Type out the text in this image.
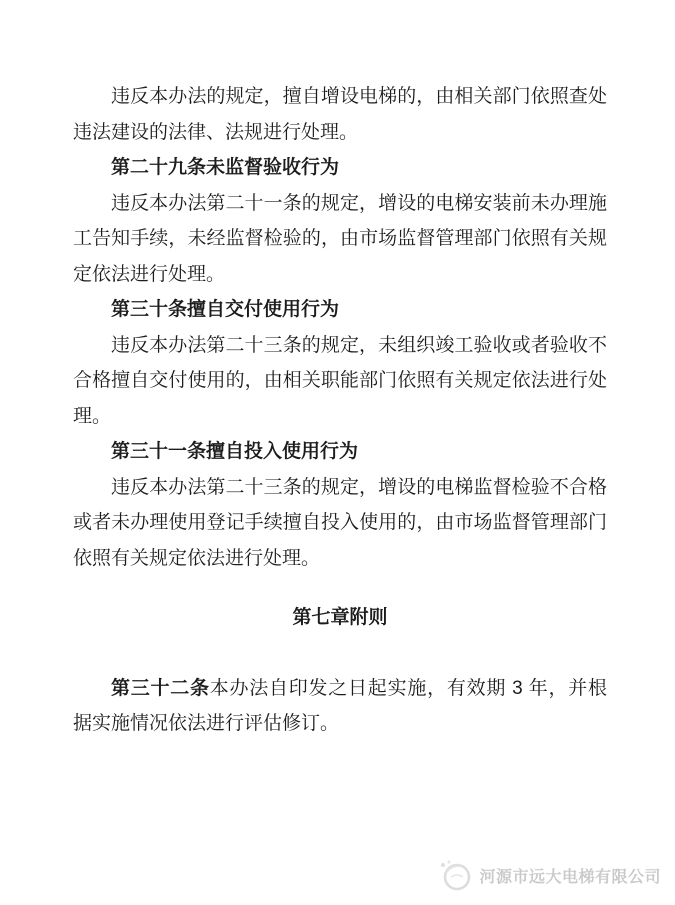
违反本办法的规定，擅自增设电梯的，由相关部门依照查处违法建设的法律、法规进行处理。

第二十九条未监督验收行为

违反本办法第二十一条的规定，增设的电梯安装前未办理施工告知手续，未经监督检验的，由市场监督管理部门依照有关规定依法进行处理。

第三十条擅自交付使用行为

违反本办法第二十三条的规定，未组织竣工验收或者验收不合格擅自交付使用的，由相关职能部门依照有关规定依法进行处理。

第三十一条擅自投入使用行为

违反本办法第二十三条的规定，增设的电梯监督检验不合格或者未办理使用登记手续擅自投入使用的，由市场监督管理部门依照有关规定依法进行处理。

第七章附则

第三十二条本办法自印发之日起实施，有效期 3 年，并根据实施情况依法进行评估修订。

河源市远大电梯有限公司
